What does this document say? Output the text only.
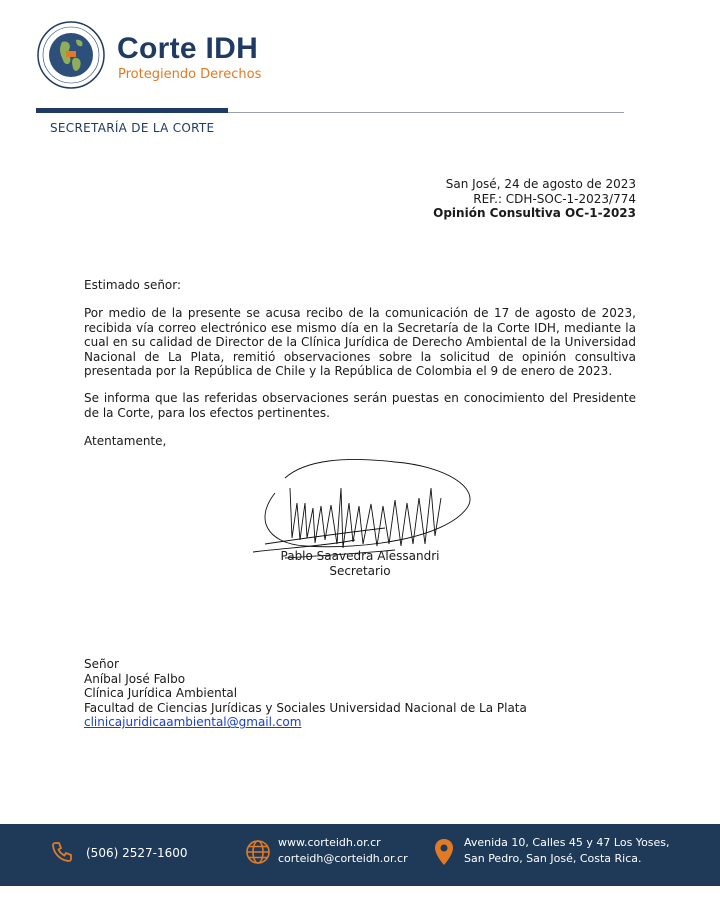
Corte IDH
Protegiendo Derechos
SECRETARÍA DE LA CORTE
San José, 24 de agosto de 2023
REF.: CDH-SOC-1-2023/774
Opinión Consultiva OC-1-2023
Estimado señor:
Por medio de la presente se acusa recibo de la comunicación de 17 de agosto de 2023, recibida vía correo electrónico ese mismo día en la Secretaría de la Corte IDH, mediante la cual en su calidad de Director de la Clínica Jurídica de Derecho Ambiental de la Universidad Nacional de La Plata, remitió observaciones sobre la solicitud de opinión consultiva presentada por la República de Chile y la República de Colombia el 9 de enero de 2023.
Se informa que las referidas observaciones serán puestas en conocimiento del Presidente de la Corte, para los efectos pertinentes.
Atentamente,
Pablo Saavedra Alessandri
Secretario
Señor
Aníbal José Falbo
Clínica Jurídica Ambiental
Facultad de Ciencias Jurídicas y Sociales Universidad Nacional de La Plata
clinicajuridicaambiental@gmail.com
(506) 2527-1600
www.corteidh.or.cr
corteidh@corteidh.or.cr
Avenida 10, Calles 45 y 47 Los Yoses,
San Pedro, San José, Costa Rica.
